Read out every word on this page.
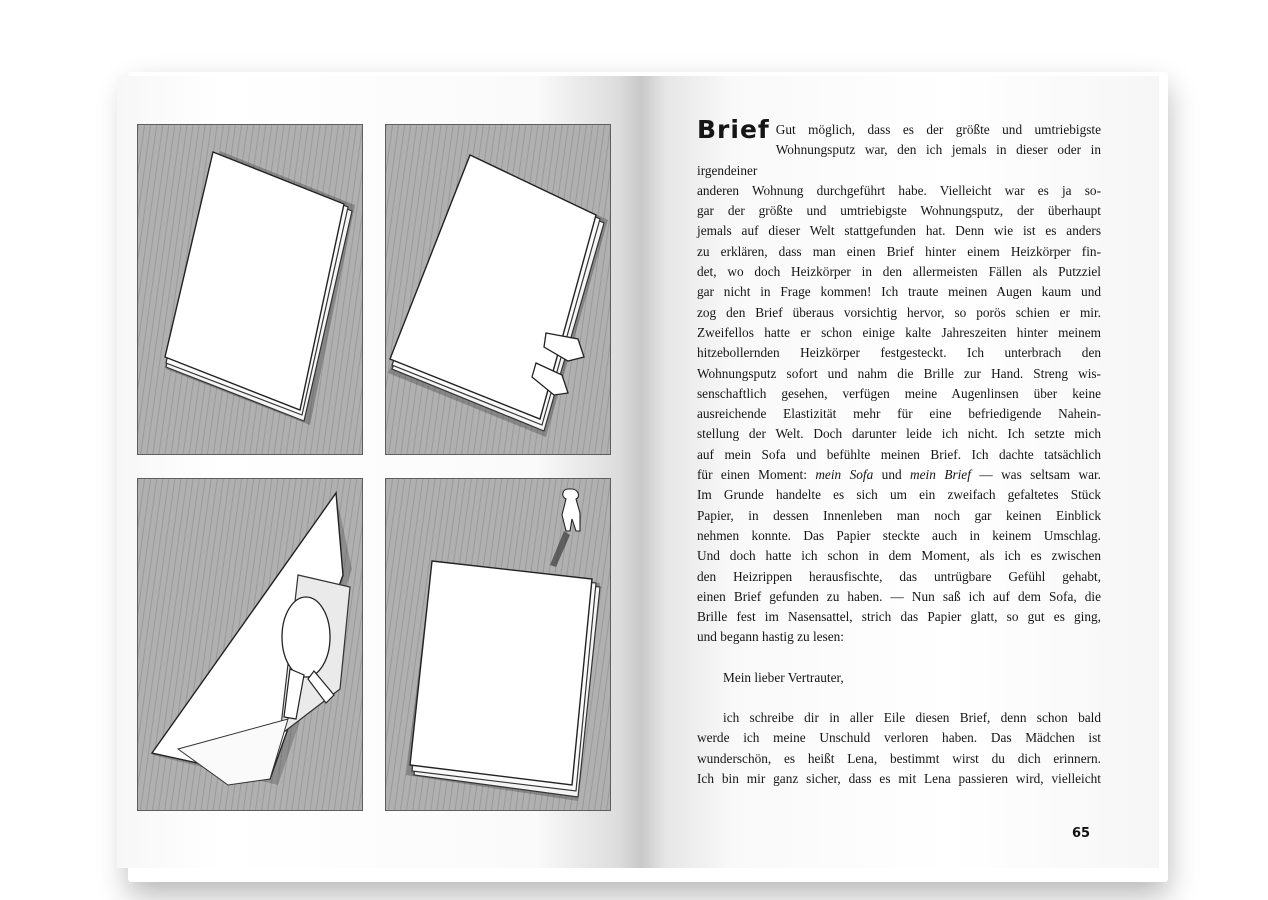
Brief Gut möglich, dass es der größte und umtriebigste

Wohnungsputz war, den ich jemals in dieser oder in irgendeiner

anderen Wohnung durchgeführt habe. Vielleicht war es ja so-

gar der größte und umtriebigste Wohnungsputz, der überhaupt

jemals auf dieser Welt stattgefunden hat. Denn wie ist es anders

zu erklären, dass man einen Brief hinter einem Heizkörper fin-

det, wo doch Heizkörper in den allermeisten Fällen als Putzziel

gar nicht in Frage kommen! Ich traute meinen Augen kaum und

zog den Brief überaus vorsichtig hervor, so porös schien er mir.

Zweifellos hatte er schon einige kalte Jahreszeiten hinter meinem

hitzebollernden Heizkörper festgesteckt. Ich unterbrach den

Wohnungsputz sofort und nahm die Brille zur Hand. Streng wis-

senschaftlich gesehen, verfügen meine Augenlinsen über keine

ausreichende Elastizität mehr für eine befriedigende Nahein-

stellung der Welt. Doch darunter leide ich nicht. Ich setzte mich

auf mein Sofa und befühlte meinen Brief. Ich dachte tatsächlich

für einen Moment: mein Sofa und mein Brief — was seltsam war.

Im Grunde handelte es sich um ein zweifach gefaltetes Stück

Papier, in dessen Innenleben man noch gar keinen Einblick

nehmen konnte. Das Papier steckte auch in keinem Umschlag.

Und doch hatte ich schon in dem Moment, als ich es zwischen

den Heizrippen herausfischte, das untrügbare Gefühl gehabt,

einen Brief gefunden zu haben. — Nun saß ich auf dem Sofa, die

Brille fest im Nasensattel, strich das Papier glatt, so gut es ging,

und begann hastig zu lesen:

Mein lieber Vertrauter,

ich schreibe dir in aller Eile diesen Brief, denn schon bald

werde ich meine Unschuld verloren haben. Das Mädchen ist

wunderschön, es heißt Lena, bestimmt wirst du dich erinnern.

Ich bin mir ganz sicher, dass es mit Lena passieren wird, vielleicht

65
